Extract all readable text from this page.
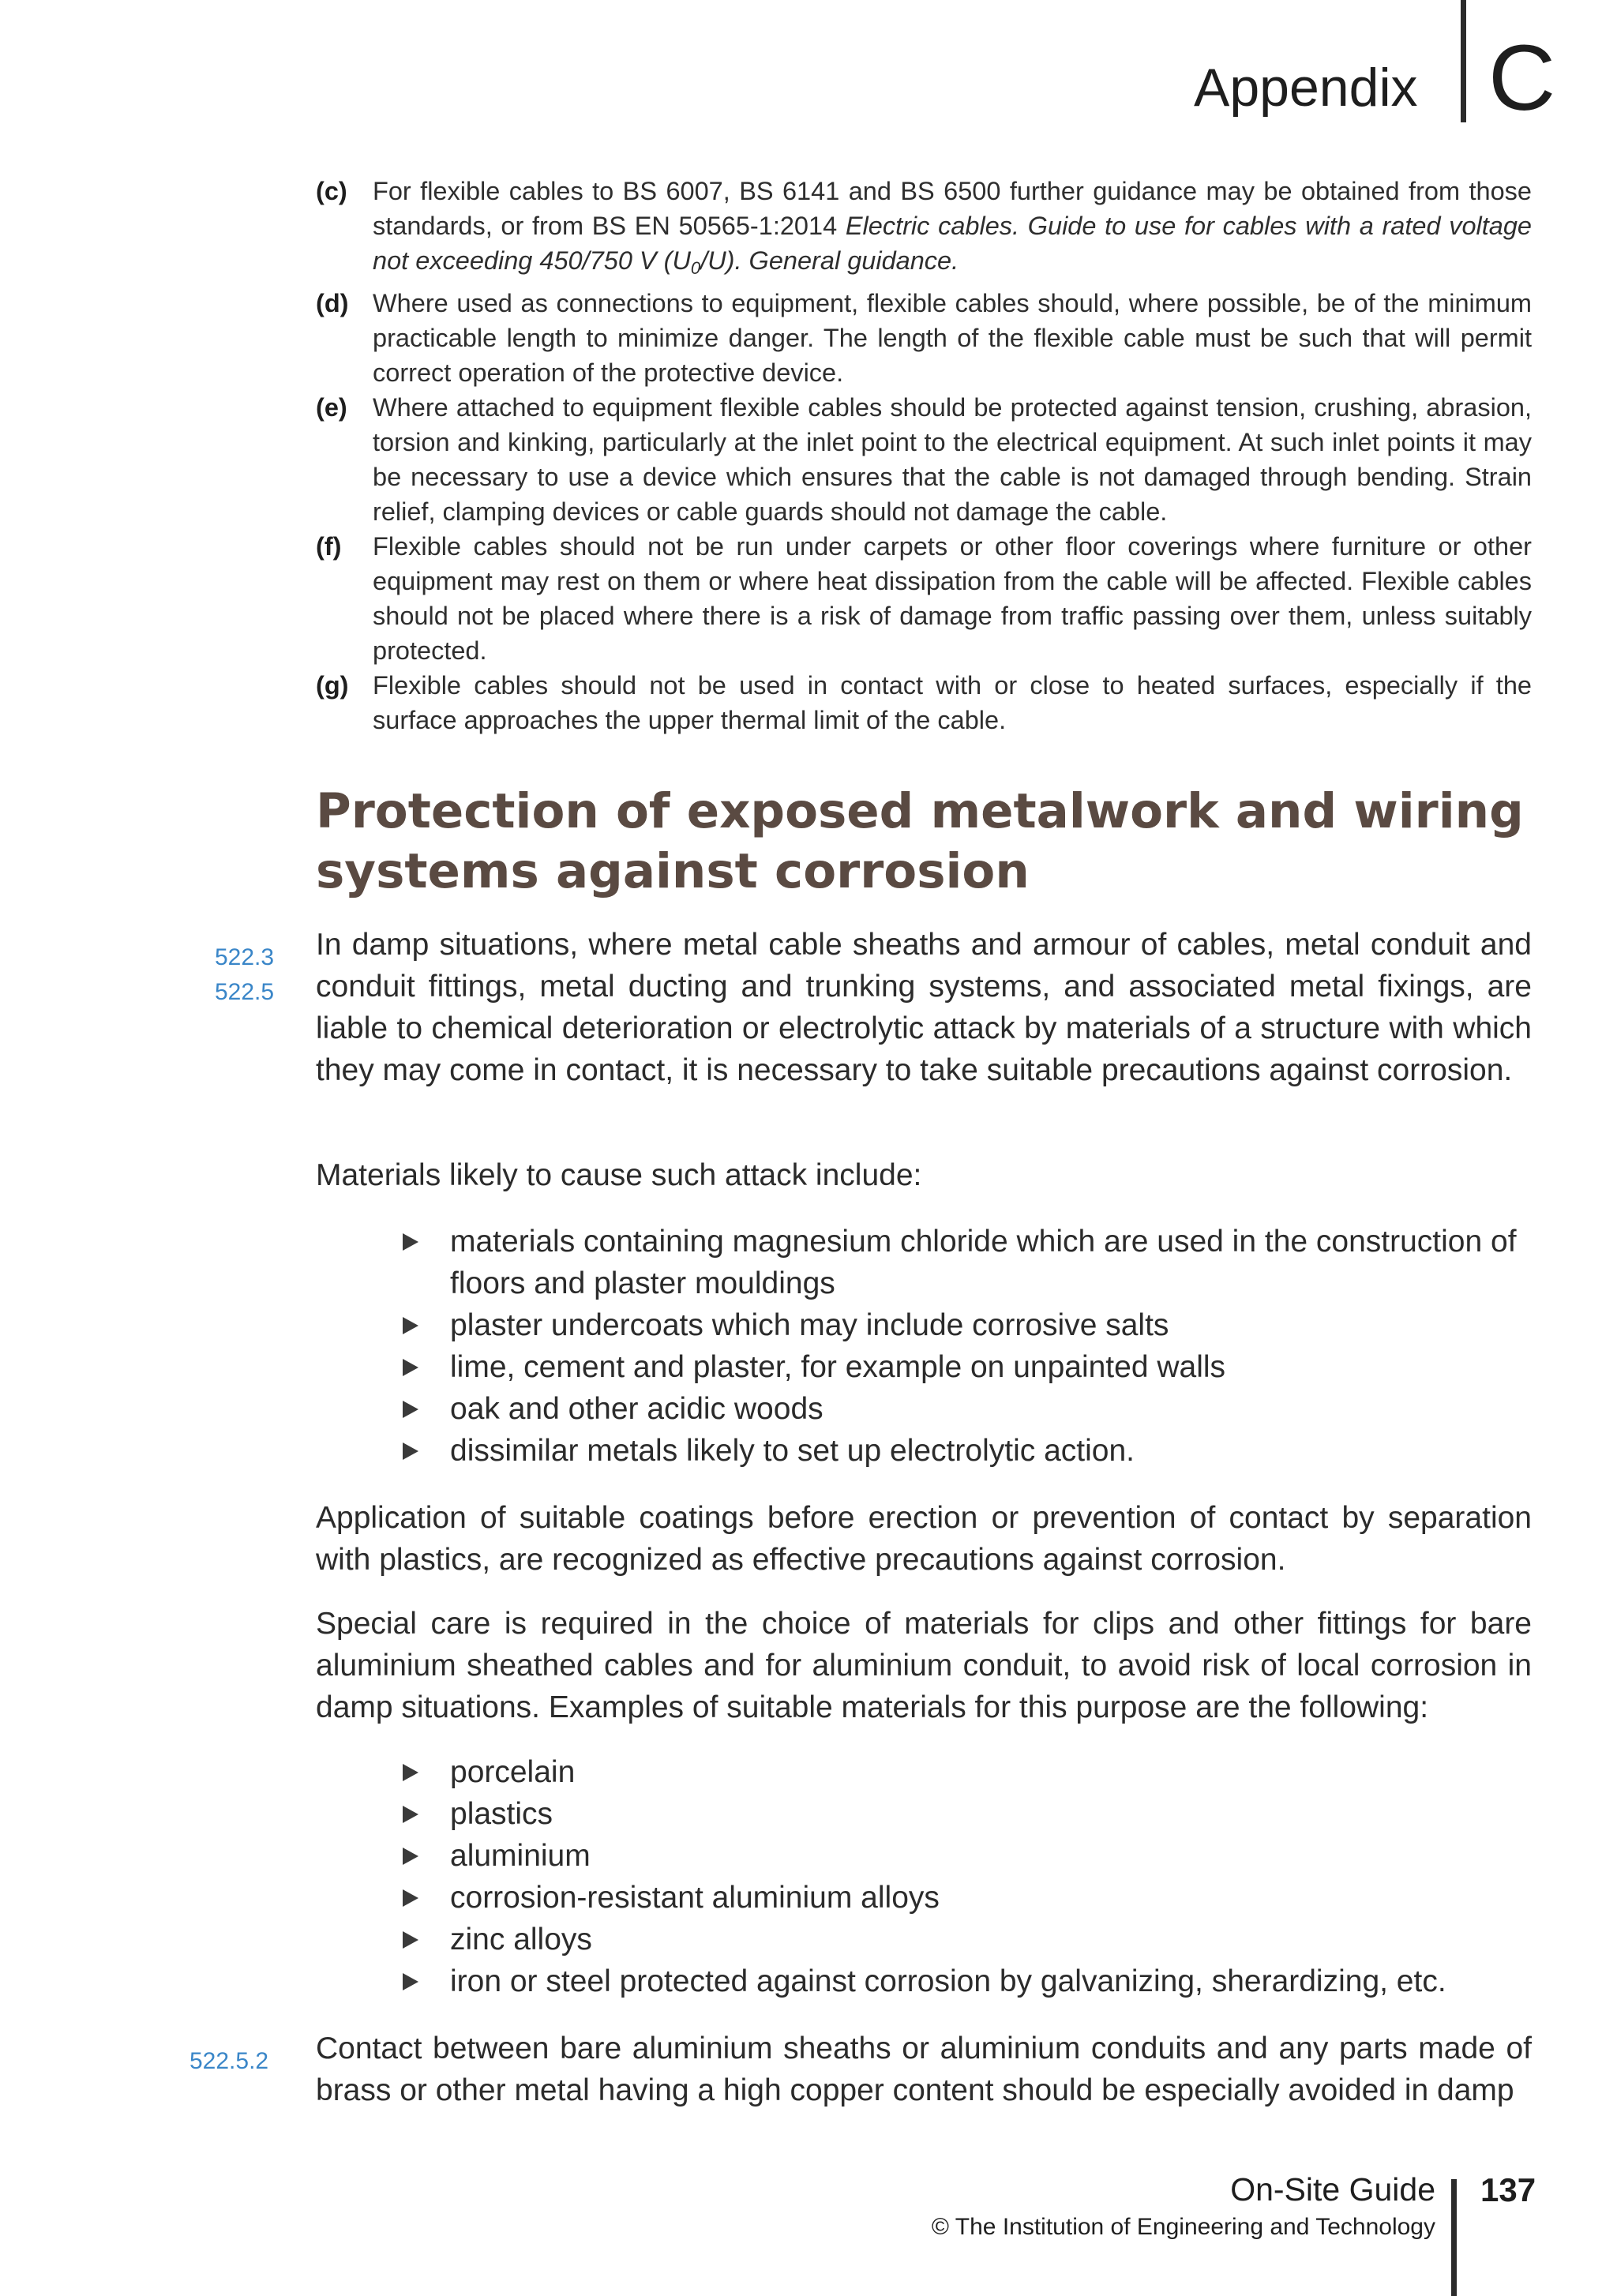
Appendix C
(c) For flexible cables to BS 6007, BS 6141 and BS 6500 further guidance may be obtained from those standards, or from BS EN 50565-1:2014 Electric cables. Guide to use for cables with a rated voltage not exceeding 450/750 V (U0/U). General guidance.
(d) Where used as connections to equipment, flexible cables should, where possible, be of the minimum practicable length to minimize danger. The length of the flexible cable must be such that will permit correct operation of the protective device.
(e) Where attached to equipment flexible cables should be protected against tension, crushing, abrasion, torsion and kinking, particularly at the inlet point to the electrical equipment. At such inlet points it may be necessary to use a device which ensures that the cable is not damaged through bending. Strain relief, clamping devices or cable guards should not damage the cable.
(f) Flexible cables should not be run under carpets or other floor coverings where furniture or other equipment may rest on them or where heat dissipation from the cable will be affected. Flexible cables should not be placed where there is a risk of damage from traffic passing over them, unless suitably protected.
(g) Flexible cables should not be used in contact with or close to heated surfaces, especially if the surface approaches the upper thermal limit of the cable.
Protection of exposed metalwork and wiring systems against corrosion
522.3
522.5
522.5.2

In damp situations, where metal cable sheaths and armour of cables, metal conduit and conduit fittings, metal ducting and trunking systems, and associated metal fixings, are liable to chemical deterioration or electrolytic attack by materials of a structure with which they may come in contact, it is necessary to take suitable precautions against corrosion.

Materials likely to cause such attack include:

materials containing magnesium chloride which are used in the construction of floors and plaster mouldings
plaster undercoats which may include corrosive salts
lime, cement and plaster, for example on unpainted walls
oak and other acidic woods
dissimilar metals likely to set up electrolytic action.

Application of suitable coatings before erection or prevention of contact by separation with plastics, are recognized as effective precautions against corrosion.

Special care is required in the choice of materials for clips and other fittings for bare aluminium sheathed cables and for aluminium conduit, to avoid risk of local corrosion in damp situations. Examples of suitable materials for this purpose are the following:

porcelain
plastics
aluminium
corrosion-resistant aluminium alloys
zinc alloys
iron or steel protected against corrosion by galvanizing, sherardizing, etc.

Contact between bare aluminium sheaths or aluminium conduits and any parts made of brass or other metal having a high copper content should be especially avoided in damp

On-Site Guide
© The Institution of Engineering and Technology
137
